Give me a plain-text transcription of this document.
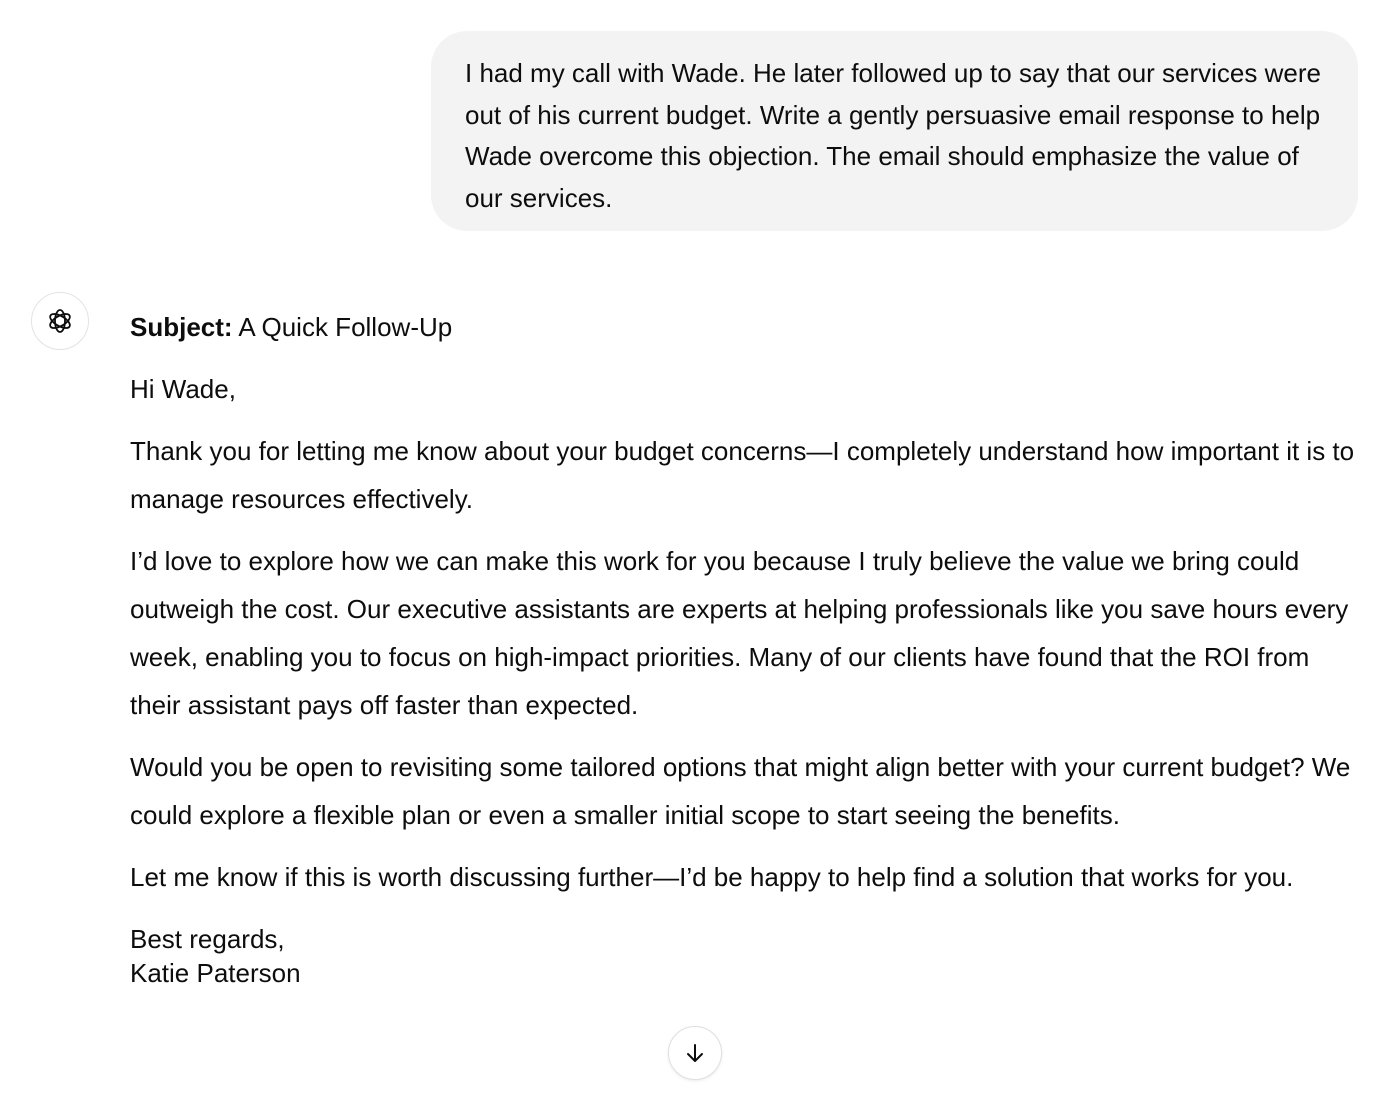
I had my call with Wade. He later followed up to say that our services were out of his current budget. Write a gently persuasive email response to help Wade overcome this objection. The email should emphasize the value of our services.

Subject: A Quick Follow-Up

Hi Wade,

Thank you for letting me know about your budget concerns—I completely understand how important it is to manage resources effectively.

I’d love to explore how we can make this work for you because I truly believe the value we bring could outweigh the cost. Our executive assistants are experts at helping professionals like you save hours every week, enabling you to focus on high-impact priorities. Many of our clients have found that the ROI from their assistant pays off faster than expected.

Would you be open to revisiting some tailored options that might align better with your current budget? We could explore a flexible plan or even a smaller initial scope to start seeing the benefits.

Let me know if this is worth discussing further—I’d be happy to help find a solution that works for you.

Best regards,

Katie Paterson
